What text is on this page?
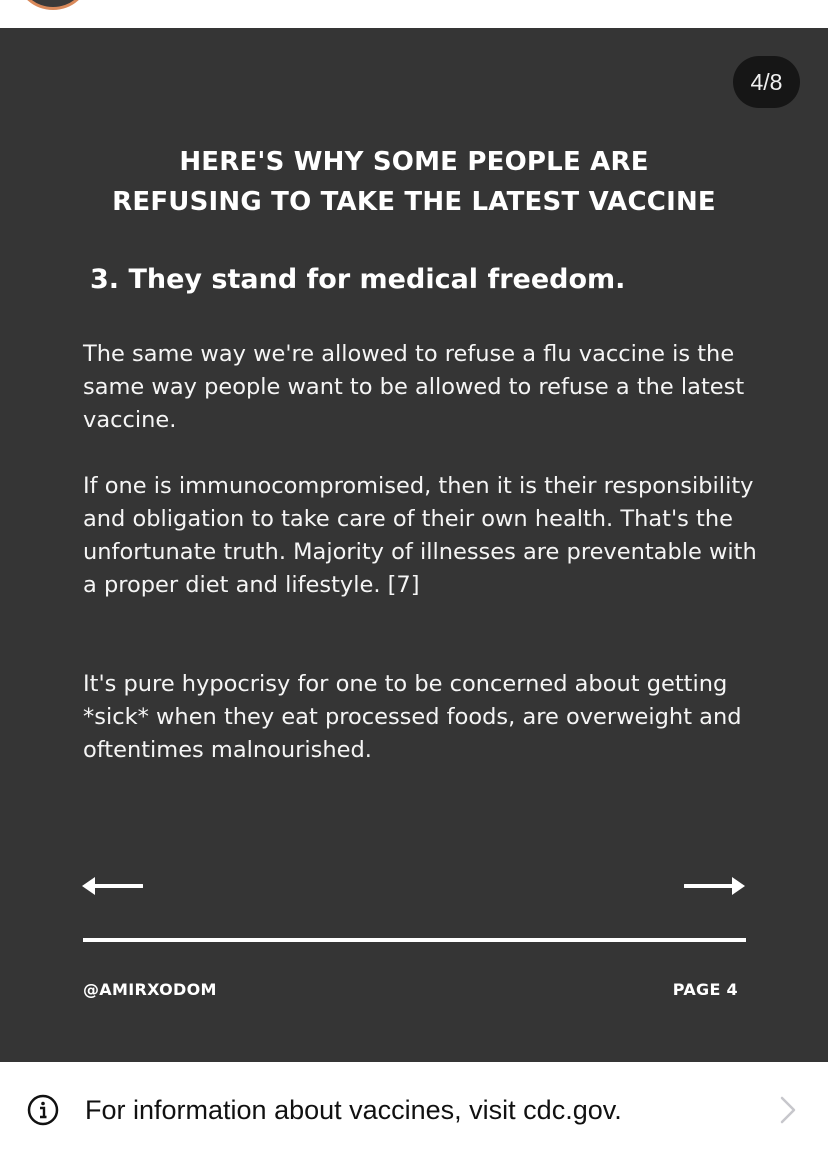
4/8
HERE'S WHY SOME PEOPLE ARE
REFUSING TO TAKE THE LATEST VACCINE
3. They stand for medical freedom.
The same way we're allowed to refuse a flu vaccine is the same way people want to be allowed to refuse a the latest vaccine.
If one is immunocompromised, then it is their responsibility and obligation to take care of their own health. That's the unfortunate truth. Majority of illnesses are preventable with a proper diet and lifestyle. [7]
It's pure hypocrisy for one to be concerned about getting *sick* when they eat processed foods, are overweight and oftentimes malnourished.
@AMIRXODOM	PAGE 4
For information about vaccines, visit cdc.gov.
